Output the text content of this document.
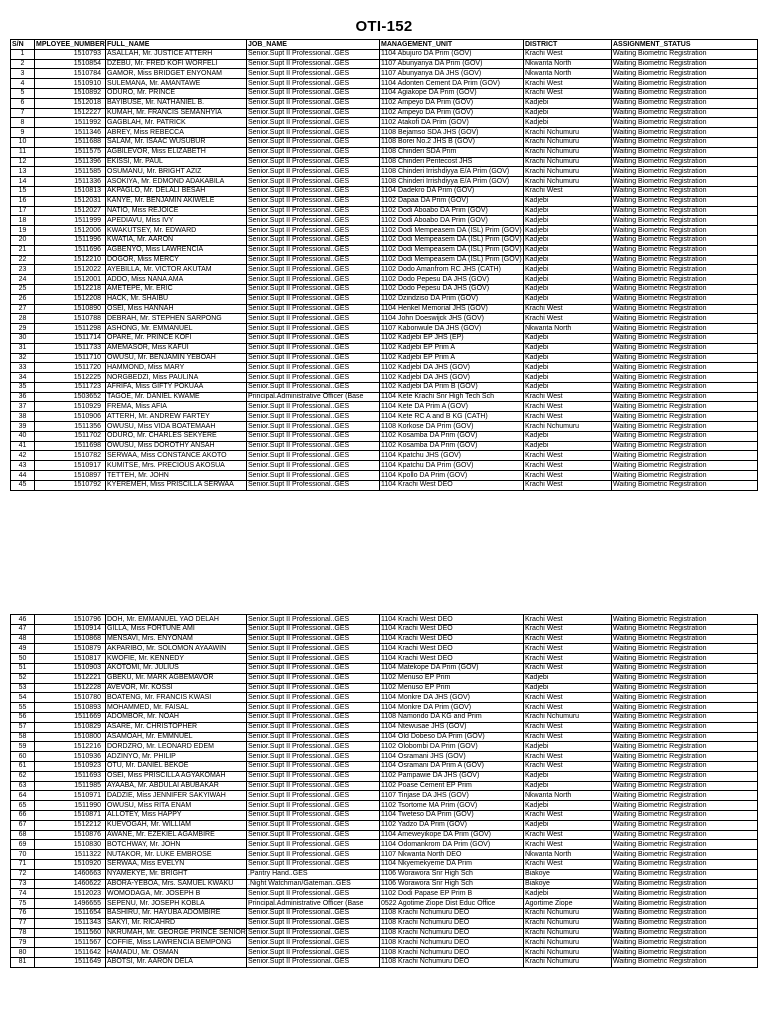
OTI-152
S/N	MPLOYEE_NUMBER	FULL_NAME	JOB_NAME	MANAGEMENT_UNIT	DISTRICT	ASSIGNMENT_STATUS
1	1510793	ASALLAH, Mr. JUSTICE ATTERH	Senior.Supt II Professional..GES	1104 Abujuro DA Prim (GOV)	Krachi West	Waiting Biometric Registration
2	1510854	DZEBU, Mr. FRED KOFI WORFELI	Senior.Supt II Professional..GES	1107 Abunyanya DA Prim (GOV)	Nkwanta North	Waiting Biometric Registration
3	1510784	GAMOR, Miss BRIDGET ENYONAM	Senior.Supt II Professional..GES	1107 Abunyanya DA JHS (GOV)	Nkwanta North	Waiting Biometric Registration
4	1510910	SULEMANA, Mr. AMANTAWE	Senior.Supt II Professional..GES	1104 Adonten Cement DA Prim (GOV)	Krachi West	Waiting Biometric Registration
5	1510892	ODURO, Mr. PRINCE	Senior.Supt II Professional..GES	1104 Agiakope DA Prim (GOV)	Krachi West	Waiting Biometric Registration
6	1512018	BAYIBUSE, Mr. NATHANIEL B.	Senior.Supt II Professional..GES	1102 Ampeyo DA Prim (GOV)	Kadjebi	Waiting Biometric Registration
7	1512227	KUMAH, Mr. FRANCIS SEMANHYIA	Senior.Supt II Professional..GES	1102 Ampeyo DA Prim (GOV)	Kadjebi	Waiting Biometric Registration
8	1511992	GAGBLAH, Mr. PATRICK	Senior.Supt II Professional..GES	1102 Atakofi DA Prim (GOV)	Kadjebi	Waiting Biometric Registration
9	1511346	ABREY, Miss REBECCA	Senior.Supt II Professional..GES	1108 Bejamso SDA JHS (GOV)	Krachi Nchumuru	Waiting Biometric Registration
10	1511688	SALAM, Mr. ISAAC WUSUBUR	Senior.Supt II Professional..GES	1108 Borei No.2 JHS B (GOV)	Krachi Nchumuru	Waiting Biometric Registration
11	1511575	AGBILEVOR, Miss ELIZABETH	Senior.Supt II Professional..GES	1108 Chinderi SDA Prim	Krachi Nchumuru	Waiting Biometric Registration
12	1511396	EKISSI, Mr. PAUL	Senior.Supt II Professional..GES	1108 Chinderi Pentecost JHS	Krachi Nchumuru	Waiting Biometric Registration
13	1511585	OSUMANU, Mr. BRIGHT AZIZ	Senior.Supt II Professional..GES	1108 Chinderi Irrishdiyya E/A Prim (GOV)	Krachi Nchumuru	Waiting Biometric Registration
14	1511336	ASOKIYA, Mr. EDMOND ADAKABILA	Senior.Supt II Professional..GES	1108 Chinderi Irrishdiyya E/A Prim (GOV)	Krachi Nchumuru	Waiting Biometric Registration
15	1510813	AKPAGLO, Mr. DELALI BESAH	Senior.Supt II Professional..GES	1104 Dadekro DA Prim (GOV)	Krachi West	Waiting Biometric Registration
16	1512031	KANYE, Mr. BENJAMIN AKIWELE	Senior.Supt II Professional..GES	1102 Dapaa DA Prim (GOV)	Kadjebi	Waiting Biometric Registration
17	1512027	NATIO, Miss REJOICE	Senior.Supt II Professional..GES	1102 Dodi Aboabo DA Prim (GOV)	Kadjebi	Waiting Biometric Registration
18	1511999	APEDIAVU, Miss IVY	Senior.Supt II Professional..GES	1102 Dodi Aboabo DA Prim (GOV)	Kadjebi	Waiting Biometric Registration
19	1512006	KWAKUTSEY, Mr. EDWARD	Senior.Supt II Professional..GES	1102 Dodi Mempeasem DA (ISL) Prim (GOV)	Kadjebi	Waiting Biometric Registration
20	1511996	KWATIA, Mr. AARON	Senior.Supt II Professional..GES	1102 Dodi Mempeasem DA (ISL) Prim (GOV)	Kadjebi	Waiting Biometric Registration
21	1511696	AGBENYO, Miss LAWRENCIA	Senior.Supt II Professional..GES	1102 Dodi Mempeasem DA (ISL) Prim (GOV)	Kadjebi	Waiting Biometric Registration
22	1512210	DOGOR, Miss MERCY	Senior.Supt II Professional..GES	1102 Dodi Mempeasem DA (ISL) Prim (GOV)	Kadjebi	Waiting Biometric Registration
23	1512022	AYEBILLA, Mr. VICTOR AKUTAM	Senior.Supt II Professional..GES	1102 Dodo Amanfrom RC JHS (CATH)	Kadjebi	Waiting Biometric Registration
24	1512001	ADDO, Miss NANA AMA	Senior.Supt II Professional..GES	1102 Dodo Pepesu DA JHS (GOV)	Kadjebi	Waiting Biometric Registration
25	1512218	AMETEPE, Mr. ERIC	Senior.Supt II Professional..GES	1102 Dodo Pepesu DA JHS (GOV)	Kadjebi	Waiting Biometric Registration
26	1512208	HACK, Mr. SHAIBU	Senior.Supt II Professional..GES	1102 Dzindziso DA Prim (GOV)	Kadjebi	Waiting Biometric Registration
27	1510890	OSEI, Miss HANNAH	Senior.Supt II Professional..GES	1104 Henkel Memorial JHS (GOV)	Krachi West	Waiting Biometric Registration
28	1510788	DEBRAH, Mr. STEPHEN SARPONG	Senior.Supt II Professional..GES	1104 John Doeswijck JHS (GOV)	Krachi West	Waiting Biometric Registration
29	1511298	ASHONG, Mr. EMMANUEL	Senior.Supt II Professional..GES	1107 Kabonwule DA JHS (GOV)	Nkwanta North	Waiting Biometric Registration
30	1511714	OPARE, Mr. PRINCE KOFI	Senior.Supt II Professional..GES	1102 Kadjebi EP JHS (EP)	Kadjebi	Waiting Biometric Registration
31	1511733	AMEMASOR, Miss KAFUI	Senior.Supt II Professional..GES	1102 Kadjebi EP Prim A	Kadjebi	Waiting Biometric Registration
32	1511710	OWUSU, Mr. BENJAMIN YEBOAH	Senior.Supt II Professional..GES	1102 Kadjebi EP Prim A	Kadjebi	Waiting Biometric Registration
33	1511720	HAMMOND, Miss MARY	Senior.Supt II Professional..GES	1102 Kadjebi DA JHS (GOV)	Kadjebi	Waiting Biometric Registration
34	1512225	NORGBEDZI, Miss PAULINA	Senior.Supt II Professional..GES	1102 Kadjebi DA JHS (GOV)	Kadjebi	Waiting Biometric Registration
35	1511723	AFRIFA, Miss GIFTY POKUAA	Senior.Supt II Professional..GES	1102 Kadjebi DA Prim B (GOV)	Kadjebi	Waiting Biometric Registration
36	1503652	TAGOE, Mr. DANIEL KWAME	Principal.Administrative Officer (Base	1104 Kete Krachi Snr High Tech Sch	Krachi West	Waiting Biometric Registration
37	1510929	FREMA, Miss AFIA	Senior.Supt II Professional..GES	1104 Kete DA Prim A (GOV)	Krachi West	Waiting Biometric Registration
38	1510906	ATTERH, Mr. ANDREW FARTEY	Senior.Supt II Professional..GES	1104 Kete RC A and B KG (CATH)	Krachi West	Waiting Biometric Registration
39	1511356	OWUSU, Miss VIDA BOATEMAAH	Senior.Supt II Professional..GES	1108 Korkose DA Prim (GOV)	Krachi Nchumuru	Waiting Biometric Registration
40	1511702	ODURO, Mr. CHARLES SEKYERE	Senior.Supt II Professional..GES	1102 Kosamba DA Prim (GOV)	Kadjebi	Waiting Biometric Registration
41	1511698	OWUSU, Miss DOROTHY ANSAH	Senior.Supt II Professional..GES	1102 Kosamba DA Prim (GOV)	Kadjebi	Waiting Biometric Registration
42	1510782	SERWAA, Miss CONSTANCE AKOTO	Senior.Supt II Professional..GES	1104 Kpatchu JHS (GOV)	Krachi West	Waiting Biometric Registration
43	1510917	KUMITSE, Mrs. PRECIOUS AKOSUA	Senior.Supt II Professional..GES	1104 Kpatchu DA Prim (GOV)	Krachi West	Waiting Biometric Registration
44	1510897	TETTEH, Mr. JOHN	Senior.Supt II Professional..GES	1104 Kpollo DA Prim (GOV)	Krachi West	Waiting Biometric Registration
45	1510792	KYEREMEH, Miss PRISCILLA SERWAA	Senior.Supt II Professional..GES	1104 Krachi West DEO	Krachi West	Waiting Biometric Registration
46	1510796	DOH, Mr. EMMANUEL YAO DELAH	Senior.Supt II Professional..GES	1104 Krachi West DEO	Krachi West	Waiting Biometric Registration
47	1510914	GILLA, Miss FORTUNE AMI	Senior.Supt II Professional..GES	1104 Krachi West DEO	Krachi West	Waiting Biometric Registration
48	1510868	MENSAVI, Mrs. ENYONAM	Senior.Supt II Professional..GES	1104 Krachi West DEO	Krachi West	Waiting Biometric Registration
49	1510879	AKPARIBO, Mr. SOLOMON AYAAWIN	Senior.Supt II Professional..GES	1104 Krachi West DEO	Krachi West	Waiting Biometric Registration
50	1510817	KWOFIE, Mr. KENNEDY	Senior.Supt II Professional..GES	1104 Krachi West DEO	Krachi West	Waiting Biometric Registration
51	1510903	AKOTOMI, Mr. JULIUS	Senior.Supt II Professional..GES	1104 Matekope DA Prim (GOV)	Krachi West	Waiting Biometric Registration
52	1512221	GBEKU, Mr. MARK AGBEMAVOR	Senior.Supt II Professional..GES	1102 Menuso EP Prim	Kadjebi	Waiting Biometric Registration
53	1512228	AVEVOR, Mr. KOSSI	Senior.Supt II Professional..GES	1102 Menuso EP Prim	Kadjebi	Waiting Biometric Registration
54	1510780	BOATENG, Mr. FRANCIS KWASI	Senior.Supt II Professional..GES	1104 Monkre DA JHS (GOV)	Krachi West	Waiting Biometric Registration
55	1510893	MOHAMMED, Mr. FAISAL	Senior.Supt II Professional..GES	1104 Monkre DA Prim (GOV)	Krachi West	Waiting Biometric Registration
56	1511669	ADOMBOR, Mr. NOAH	Senior.Supt II Professional..GES	1108 Namondo DA KG and Prim	Krachi Nchumuru	Waiting Biometric Registration
57	1510829	ASARE, Mr. CHRISTOPHER	Senior.Supt II Professional..GES	1104 Ntewusae JHS (GOV)	Krachi West	Waiting Biometric Registration
58	1510800	ASAMOAH, Mr. EMMNUEL	Senior.Supt II Professional..GES	1104 Old Dobeso DA Prim (GOV)	Krachi West	Waiting Biometric Registration
59	1512216	DORDZRO, Mr. LEONARD EDEM	Senior.Supt II Professional..GES	1102 Olobombi DA Prim (GOV)	Kadjebi	Waiting Biometric Registration
60	1510936	ADZINYO, Mr. PHILIP	Senior.Supt II Professional..GES	1104 Osramani JHS (GOV)	Krachi West	Waiting Biometric Registration
61	1510923	OTU, Mr. DANIEL BEKOE	Senior.Supt II Professional..GES	1104 Osramani DA Prim A (GOV)	Krachi West	Waiting Biometric Registration
62	1511693	OSEI, Miss PRISCILLA AGYAKOMAH	Senior.Supt II Professional..GES	1102 Pampawie DA JHS (GOV)	Kadjebi	Waiting Biometric Registration
63	1511985	AYAABA, Mr. ABDULAI ABUBAKAR	Senior.Supt II Professional..GES	1102 Poase Cement EP Prim	Kadjebi	Waiting Biometric Registration
64	1510971	DADZIE, Miss JENNIFER SAKYIWAH	Senior.Supt II Professional..GES	1107 Tinjase DA JHS (GOV)	Nkwanta North	Waiting Biometric Registration
65	1511990	OWUSU, Miss RITA ENAM	Senior.Supt II Professional..GES	1102 Tsortome MA Prim (GOV)	Kadjebi	Waiting Biometric Registration
66	1510871	ALLOTEY, Miss HAPPY	Senior.Supt II Professional..GES	1104 Tweteso DA Prim (GOV)	Krachi West	Waiting Biometric Registration
67	1512212	KUEVOGAH, Mr. WILLIAM	Senior.Supt II Professional..GES	1102 Yadzo DA Prim (GOV)	Kadjebi	Waiting Biometric Registration
68	1510876	AWANE, Mr. EZEKIEL AGAMBIRE	Senior.Supt II Professional..GES	1104 Ameweyikope DA Prim (GOV)	Krachi West	Waiting Biometric Registration
69	1510830	BOTCHWAY, Mr. JOHN	Senior.Supt II Professional..GES	1104 Odomankrom DA Prim (GOV)	Krachi West	Waiting Biometric Registration
70	1511322	NUTAKOR, Mr. LUKE EMBROSE	Senior.Supt II Professional..GES	1107 Nkwanta North DEO	Nkwanta North	Waiting Biometric Registration
71	1510920	SERWAA, Miss EVELYN	Senior.Supt II Professional..GES	1104 Nkyemekyeme DA Prim	Krachi West	Waiting Biometric Registration
72	1460663	NYAMEKYE, Mr. BRIGHT	.Pantry Hand..GES	1106 Worawora Snr High Sch	Biakoye	Waiting Biometric Registration
73	1460622	ABORA-YEBOA, Mrs. SAMUEL KWAKU	.Night Watchman/Gateman..GES	1106 Worawora Snr High Sch	Biakoye	Waiting Biometric Registration
74	1512023	WOMODAGA, Mr. JOSEPH B	Senior.Supt II Professional..GES	1102 Dodi Papase EP Prim B	Kadjebi	Waiting Biometric Registration
75	1496655	SEPENU, Mr. JOSEPH KOBLA	Principal.Administrative Officer (Base	0522 Agotime Ziope Dist Educ Office	Agortime Ziope	Waiting Biometric Registration
76	1511654	BASHIRU, Mr. HAYUBA ADOMBIRE	Senior.Supt II Professional..GES	1108 Krachi Nchumuru DEO	Krachi Nchumuru	Waiting Biometric Registration
77	1511343	SAKYI, Mr. RICAHRD	Senior.Supt II Professional..GES	1108 Krachi Nchumuru DEO	Krachi Nchumuru	Waiting Biometric Registration
78	1511560	NKRUMAH, Mr. GEORGE PRINCE SENIOR	Senior.Supt II Professional..GES	1108 Krachi Nchumuru DEO	Krachi Nchumuru	Waiting Biometric Registration
79	1511567	COFFIE, Miss LAWRENCIA BEMPONG	Senior.Supt II Professional..GES	1108 Krachi Nchumuru DEO	Krachi Nchumuru	Waiting Biometric Registration
80	1511642	HAMADU, Mr. OSMAN	Senior.Supt II Professional..GES	1108 Krachi Nchumuru DEO	Krachi Nchumuru	Waiting Biometric Registration
81	1511649	ABOTSI, Mr. AARON DELA	Senior.Supt II Professional..GES	1108 Krachi Nchumuru DEO	Krachi Nchumuru	Waiting Biometric Registration
